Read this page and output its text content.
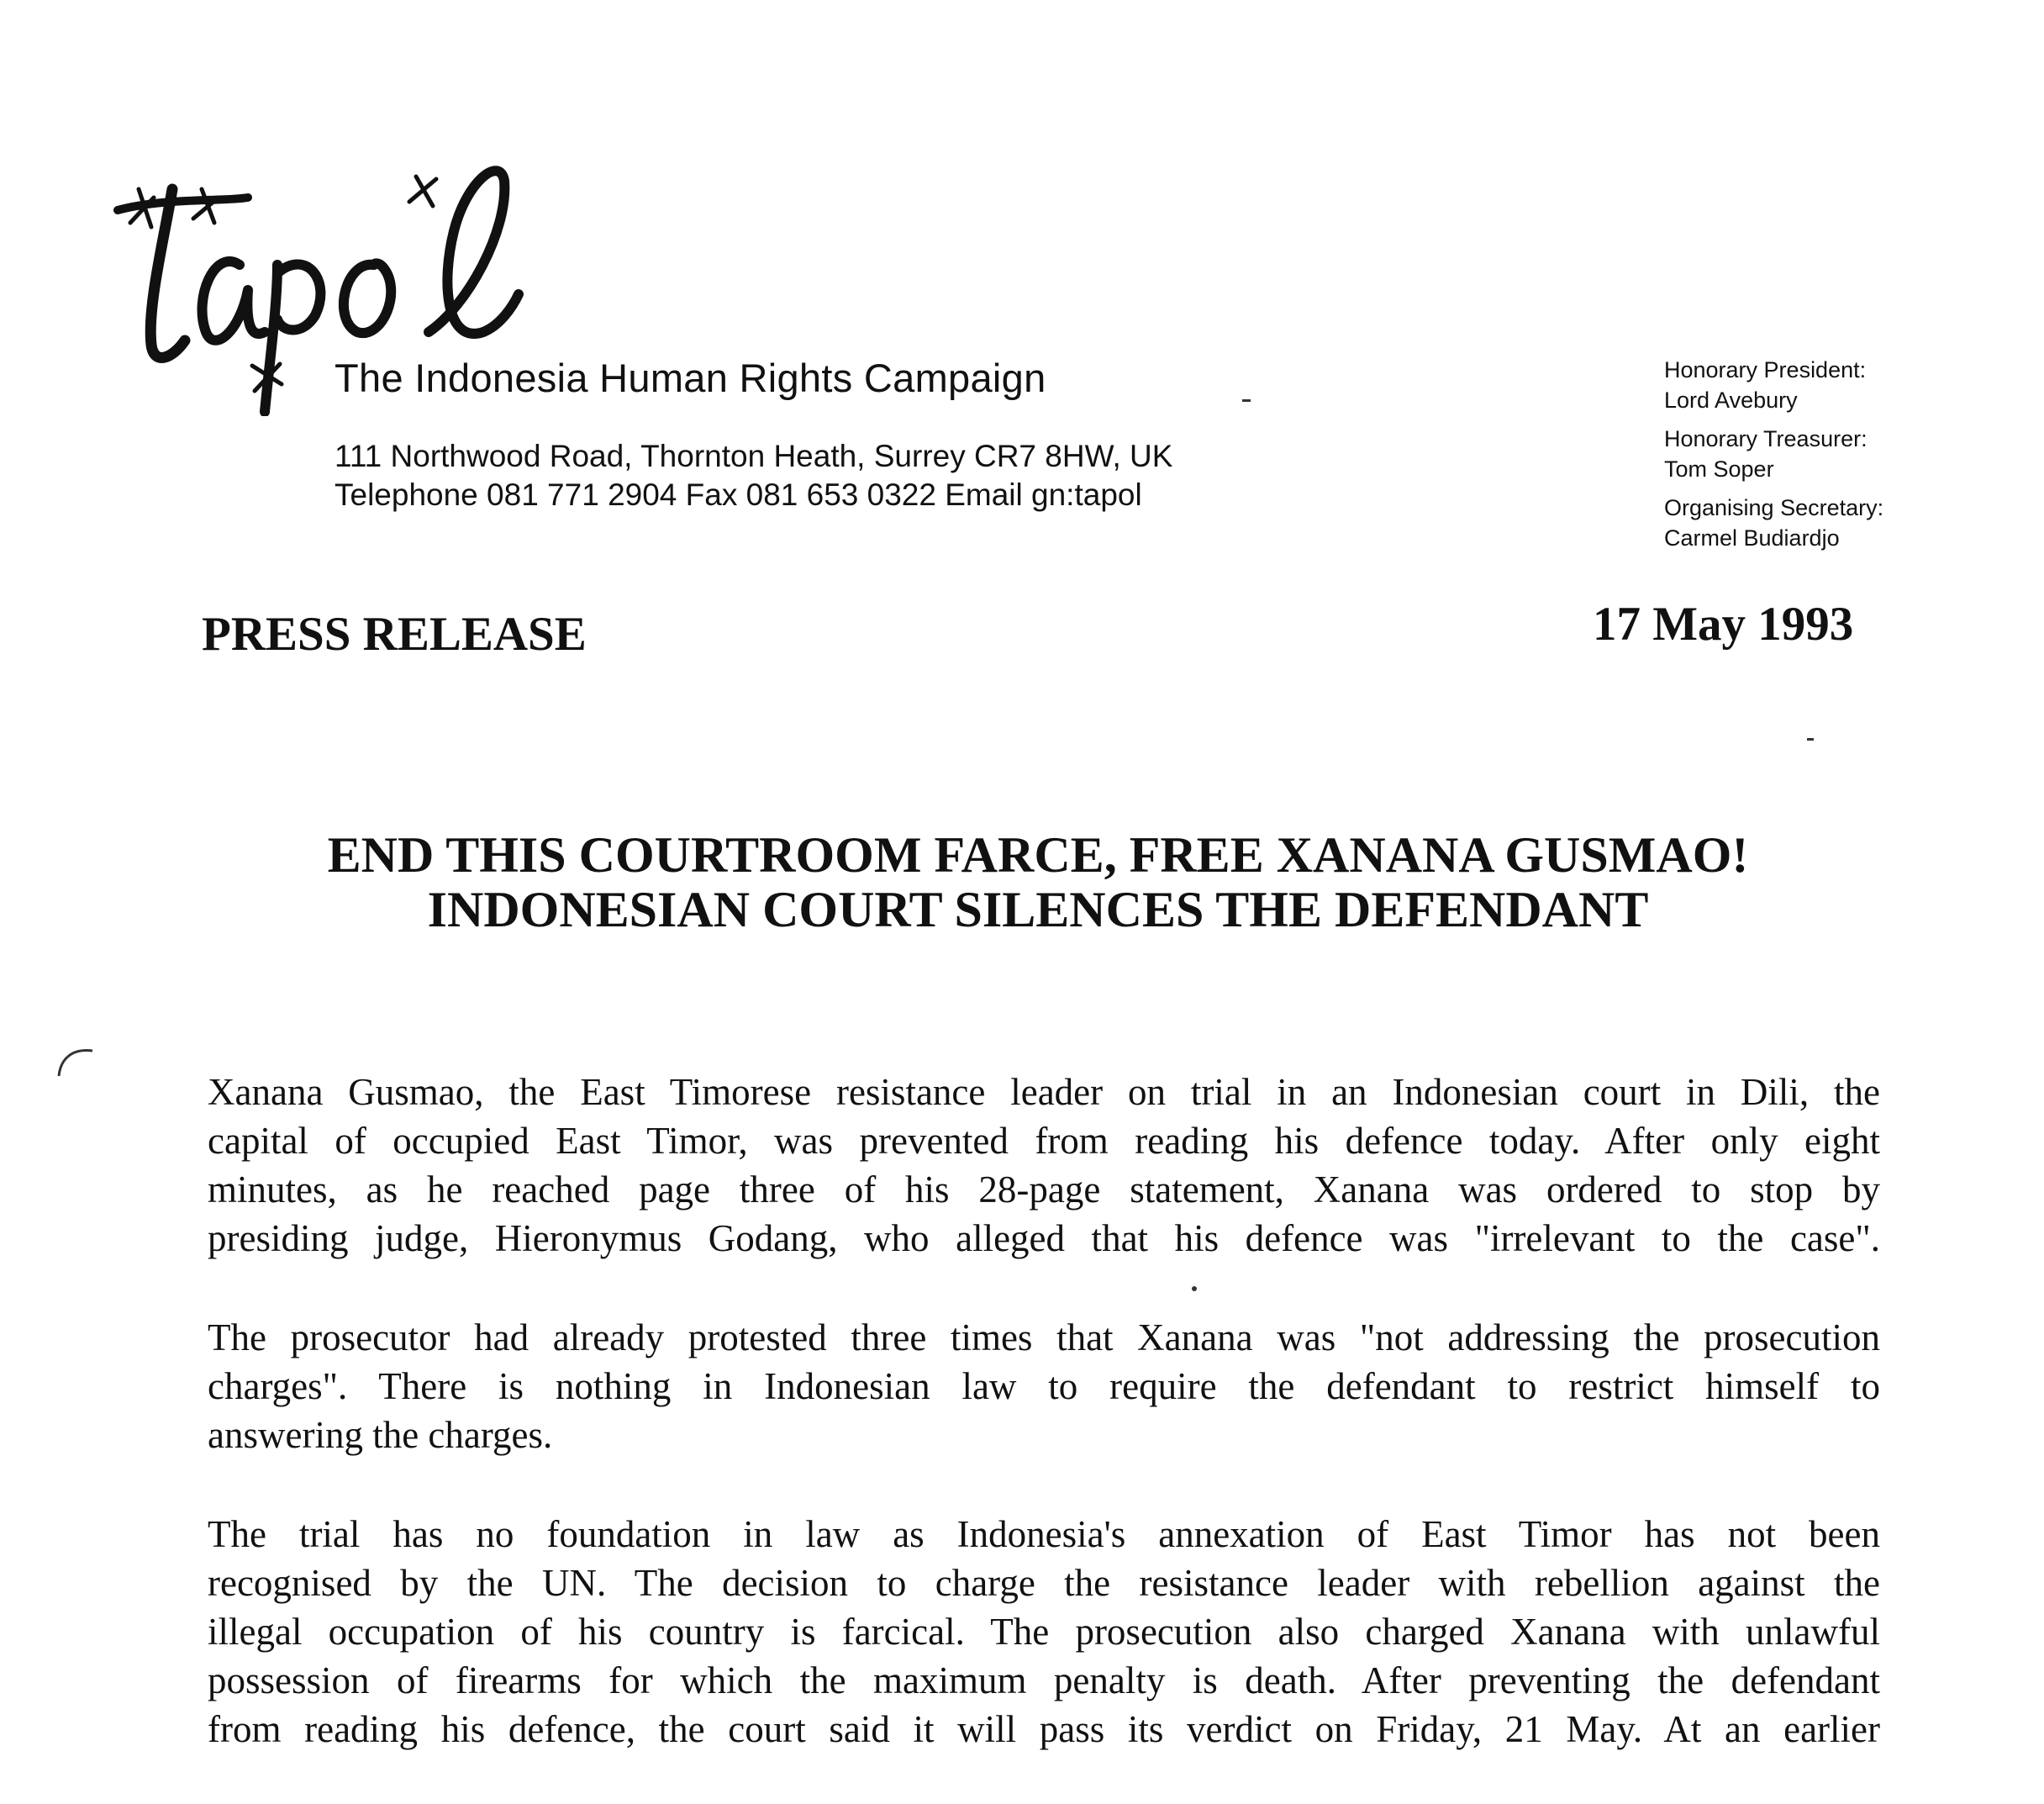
The Indonesia Human Rights Campaign
111 Northwood Road, Thornton Heath, Surrey CR7 8HW, UK
Telephone 081 771 2904 Fax 081 653 0322 Email gn:tapol
Honorary President:
Lord Avebury
Honorary Treasurer:
Tom Soper
Organising Secretary:
Carmel Budiardjo
PRESS RELEASE	17 May 1993
END THIS COURTROOM FARCE, FREE XANANA GUSMAO!
INDONESIAN COURT SILENCES THE DEFENDANT
Xanana Gusmao, the East Timorese resistance leader on trial in an Indonesian court in Dili, the
capital of occupied East Timor, was prevented from reading his defence today. After only eight
minutes, as he reached page three of his 28-page statement, Xanana was ordered to stop by
presiding judge, Hieronymus Godang, who alleged that his defence was "irrelevant to the case".
The prosecutor had already protested three times that Xanana was "not addressing the prosecution
charges". There is nothing in Indonesian law to require the defendant to restrict himself to
answering the charges.
The trial has no foundation in law as Indonesia's annexation of East Timor has not been
recognised by the UN. The decision to charge the resistance leader with rebellion against the
illegal occupation of his country is farcical. The prosecution also charged Xanana with unlawful
possession of firearms for which the maximum penalty is death. After preventing the defendant
from reading his defence, the court said it will pass its verdict on Friday, 21 May. At an earlier
